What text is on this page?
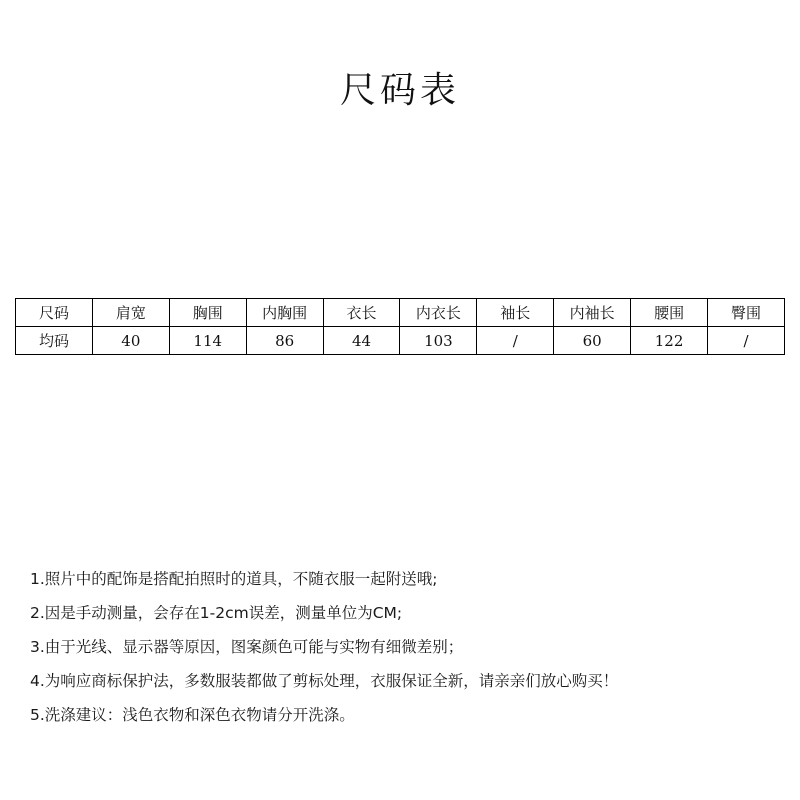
尺码表
尺码	肩宽	胸围	内胸围	衣长	内衣长	袖长	内袖长	腰围	臀围
均码	40	114	86	44	103	/	60	122	/
1.照片中的配饰是搭配拍照时的道具，不随衣服一起附送哦;
2.因是手动测量，会存在1-2cm误差，测量单位为CM;
3.由于光线、显示器等原因，图案颜色可能与实物有细微差别；
4.为响应商标保护法，多数服装都做了剪标处理，衣服保证全新，请亲亲们放心购买！
5.洗涤建议：浅色衣物和深色衣物请分开洗涤。
